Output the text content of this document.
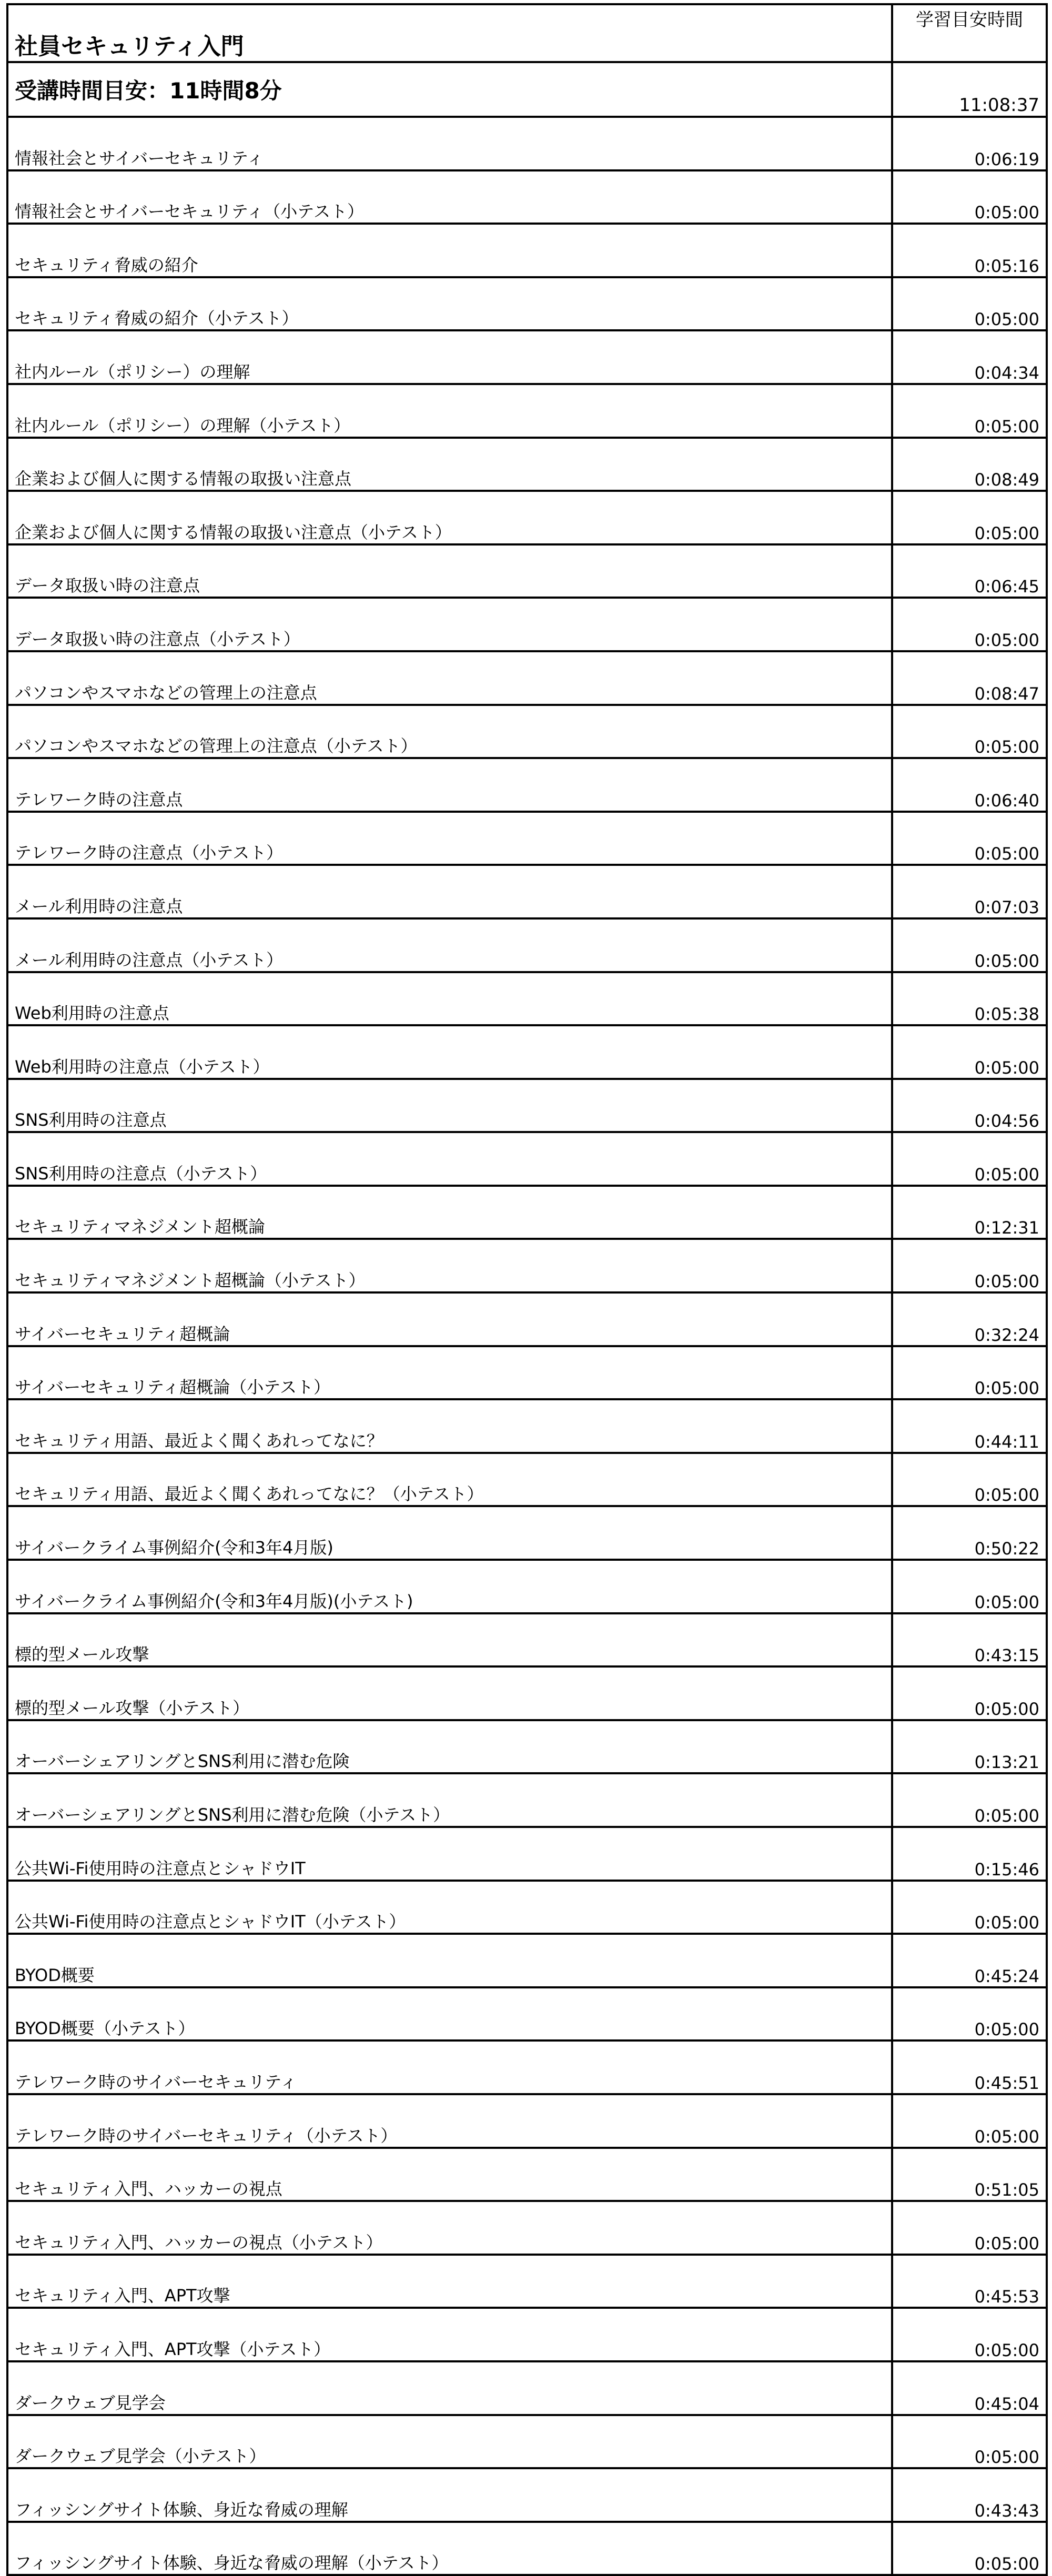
社員セキュリティ入門	学習目安時間
受講時間目安：11時間8分	11:08:37
情報社会とサイバーセキュリティ	0:06:19
情報社会とサイバーセキュリティ（小テスト）	0:05:00
セキュリティ脅威の紹介	0:05:16
セキュリティ脅威の紹介（小テスト）	0:05:00
社内ルール（ポリシー）の理解	0:04:34
社内ルール（ポリシー）の理解（小テスト）	0:05:00
企業および個人に関する情報の取扱い注意点	0:08:49
企業および個人に関する情報の取扱い注意点（小テスト）	0:05:00
データ取扱い時の注意点	0:06:45
データ取扱い時の注意点（小テスト）	0:05:00
パソコンやスマホなどの管理上の注意点	0:08:47
パソコンやスマホなどの管理上の注意点（小テスト）	0:05:00
テレワーク時の注意点	0:06:40
テレワーク時の注意点（小テスト）	0:05:00
メール利用時の注意点	0:07:03
メール利用時の注意点（小テスト）	0:05:00
Web利用時の注意点	0:05:38
Web利用時の注意点（小テスト）	0:05:00
SNS利用時の注意点	0:04:56
SNS利用時の注意点（小テスト）	0:05:00
セキュリティマネジメント超概論	0:12:31
セキュリティマネジメント超概論（小テスト）	0:05:00
サイバーセキュリティ超概論	0:32:24
サイバーセキュリティ超概論（小テスト）	0:05:00
セキュリティ用語、最近よく聞くあれってなに？	0:44:11
セキュリティ用語、最近よく聞くあれってなに？（小テスト）	0:05:00
サイバークライム事例紹介(令和3年4月版)	0:50:22
サイバークライム事例紹介(令和3年4月版)(小テスト)	0:05:00
標的型メール攻撃	0:43:15
標的型メール攻撃（小テスト）	0:05:00
オーバーシェアリングとSNS利用に潜む危険	0:13:21
オーバーシェアリングとSNS利用に潜む危険（小テスト）	0:05:00
公共Wi-Fi使用時の注意点とシャドウIT	0:15:46
公共Wi-Fi使用時の注意点とシャドウIT（小テスト）	0:05:00
BYOD概要	0:45:24
BYOD概要（小テスト）	0:05:00
テレワーク時のサイバーセキュリティ	0:45:51
テレワーク時のサイバーセキュリティ（小テスト）	0:05:00
セキュリティ入門、ハッカーの視点	0:51:05
セキュリティ入門、ハッカーの視点（小テスト）	0:05:00
セキュリティ入門、APT攻撃	0:45:53
セキュリティ入門、APT攻撃（小テスト）	0:05:00
ダークウェブ見学会	0:45:04
ダークウェブ見学会（小テスト）	0:05:00
フィッシングサイト体験、身近な脅威の理解	0:43:43
フィッシングサイト体験、身近な脅威の理解（小テスト）	0:05:00
